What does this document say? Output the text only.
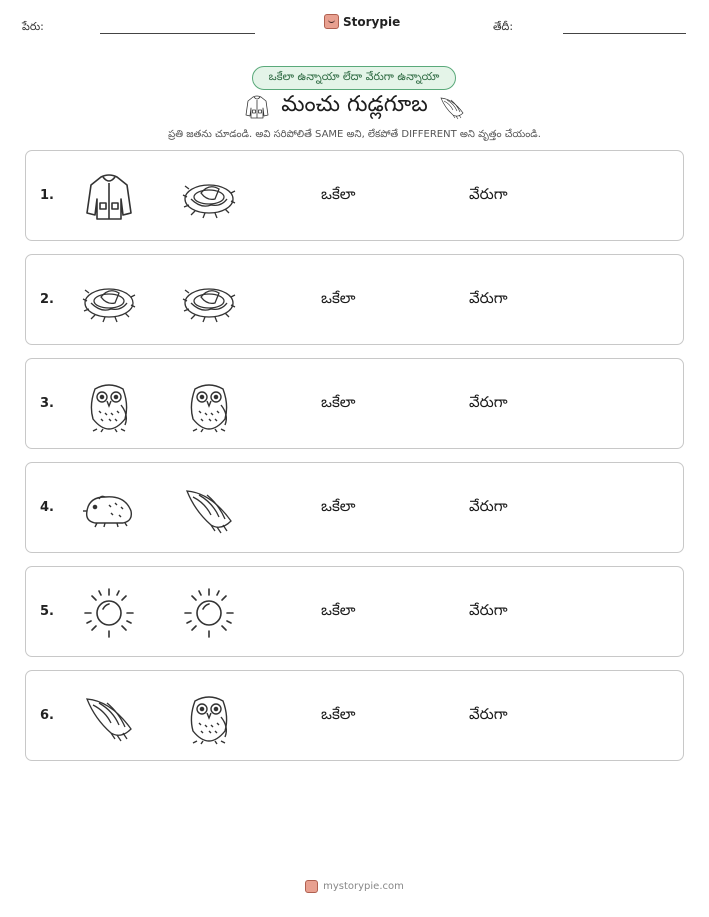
పేరు:	Storypie	తేదీ:
ఒకేలా ఉన్నాయా లేదా వేరుగా ఉన్నాయా
మంచు గుడ్లగూబ
ప్రతి జతను చూడండి. అవి సరిపోలితే SAME అని, లేకపోతే DIFFERENT అని వృత్తం చేయండి.
1.	ఒకేలా	వేరుగా
2.	ఒకేలా	వేరుగా
3.	ఒకేలా	వేరుగా
4.	ఒకేలా	వేరుగా
5.	ఒకేలా	వేరుగా
6.	ఒకేలా	వేరుగా
mystorypie.com
